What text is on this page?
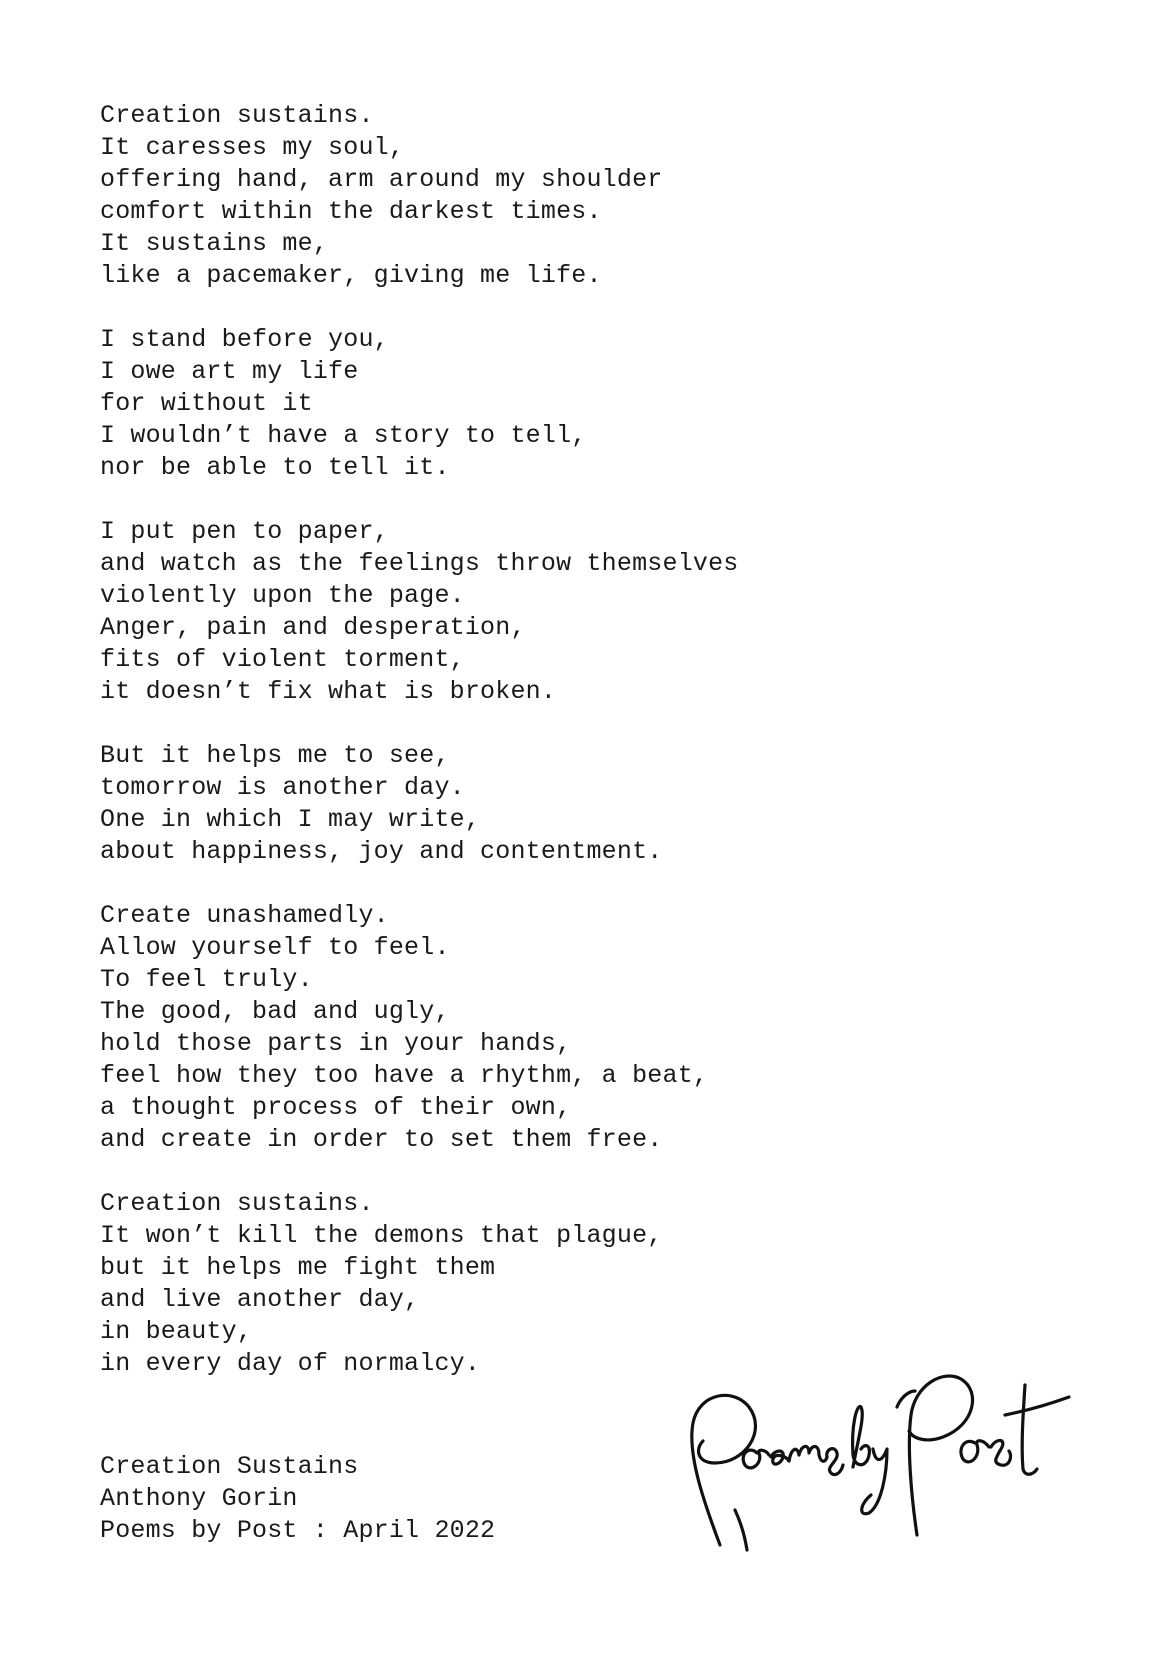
Creation sustains.
It caresses my soul,
offering hand, arm around my shoulder
comfort within the darkest times.
It sustains me,
like a pacemaker, giving me life.
I stand before you,
I owe art my life
for without it
I wouldn’t have a story to tell,
nor be able to tell it.
I put pen to paper,
and watch as the feelings throw themselves
violently upon the page.
Anger, pain and desperation,
fits of violent torment,
it doesn’t fix what is broken.
But it helps me to see,
tomorrow is another day.
One in which I may write,
about happiness, joy and contentment.
Create unashamedly.
Allow yourself to feel.
To feel truly.
The good, bad and ugly,
hold those parts in your hands,
feel how they too have a rhythm, a beat,
a thought process of their own,
and create in order to set them free.
Creation sustains.
It won’t kill the demons that plague,
but it helps me fight them
and live another day,
in beauty,
in every day of normalcy.
Creation Sustains
Anthony Gorin
Poems by Post : April 2022
